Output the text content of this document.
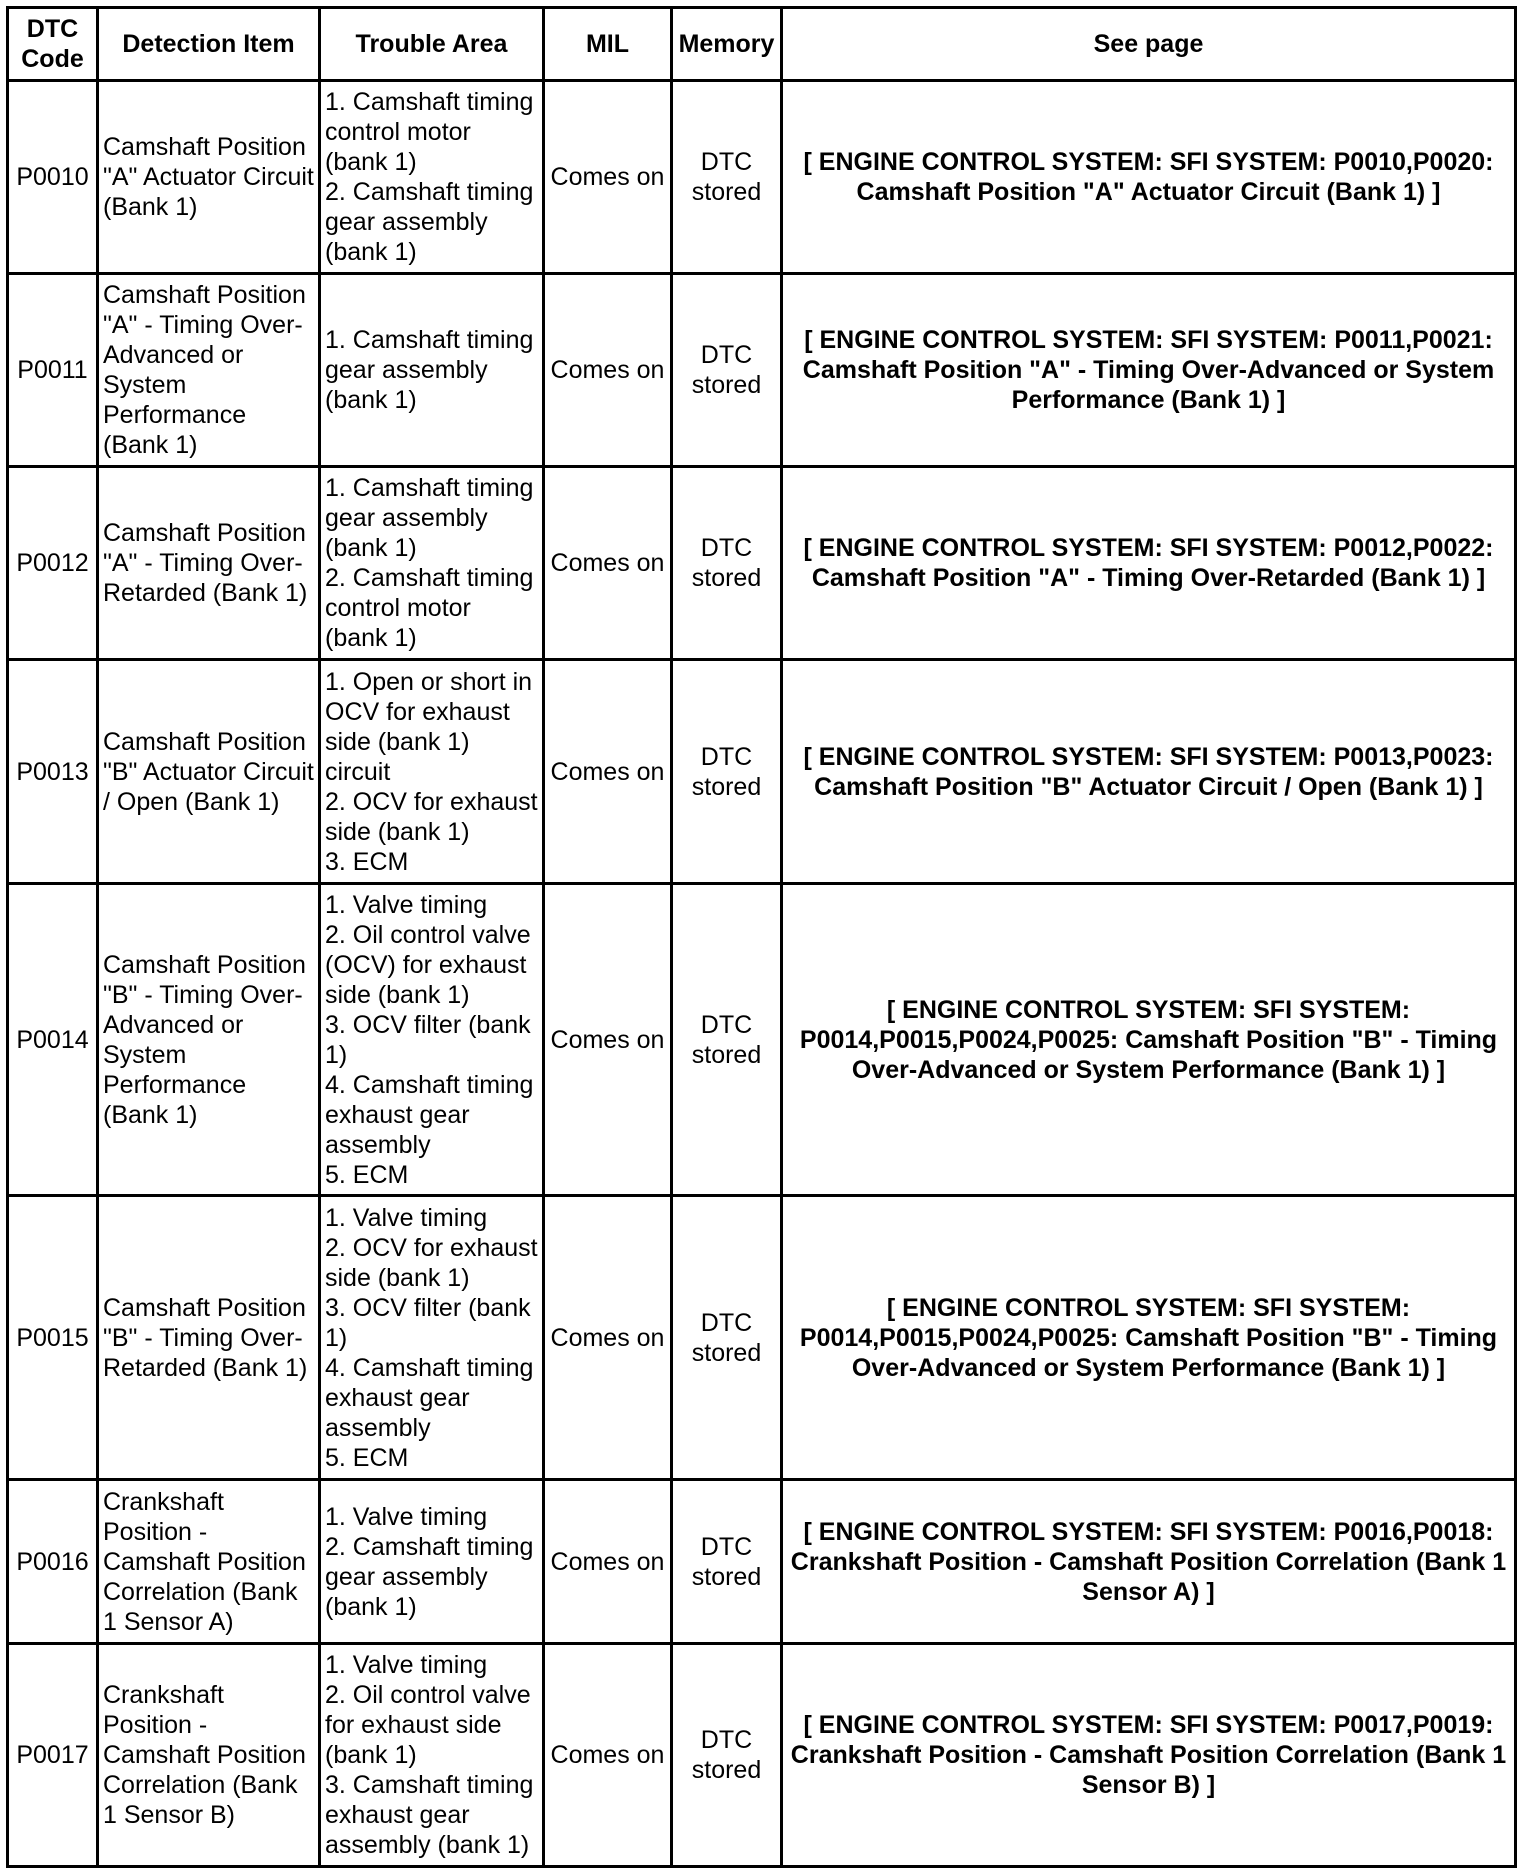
DTC
Code	Detection Item	Trouble Area	MIL	Memory	See page
P0010	Camshaft Position "A" Actuator Circuit (Bank 1)	1. Camshaft timing control motor (bank 1)
2. Camshaft timing gear assembly (bank 1)	Comes on	DTC stored	[ ENGINE CONTROL SYSTEM: SFI SYSTEM: P0010,P0020: Camshaft Position "A" Actuator Circuit (Bank 1) ]
P0011	Camshaft Position "A" - Timing Over-Advanced or System Performance (Bank 1)	1. Camshaft timing gear assembly (bank 1)	Comes on	DTC stored	[ ENGINE CONTROL SYSTEM: SFI SYSTEM: P0011,P0021: Camshaft Position "A" - Timing Over-Advanced or System Performance (Bank 1) ]
P0012	Camshaft Position "A" - Timing Over-Retarded (Bank 1)	1. Camshaft timing gear assembly (bank 1)
2. Camshaft timing control motor (bank 1)	Comes on	DTC stored	[ ENGINE CONTROL SYSTEM: SFI SYSTEM: P0012,P0022: Camshaft Position "A" - Timing Over-Retarded (Bank 1) ]
P0013	Camshaft Position "B" Actuator Circuit / Open (Bank 1)	1. Open or short in OCV for exhaust side (bank 1) circuit
2. OCV for exhaust side (bank 1)
3. ECM	Comes on	DTC stored	[ ENGINE CONTROL SYSTEM: SFI SYSTEM: P0013,P0023: Camshaft Position "B" Actuator Circuit / Open (Bank 1) ]
P0014	Camshaft Position "B" - Timing Over-Advanced or System Performance (Bank 1)	1. Valve timing
2. Oil control valve (OCV) for exhaust side (bank 1)
3. OCV filter (bank 1)
4. Camshaft timing exhaust gear assembly
5. ECM	Comes on	DTC stored	[ ENGINE CONTROL SYSTEM: SFI SYSTEM: P0014,P0015,P0024,P0025: Camshaft Position "B" - Timing Over-Advanced or System Performance (Bank 1) ]
P0015	Camshaft Position "B" - Timing Over-Retarded (Bank 1)	1. Valve timing
2. OCV for exhaust side (bank 1)
3. OCV filter (bank 1)
4. Camshaft timing exhaust gear assembly
5. ECM	Comes on	DTC stored	[ ENGINE CONTROL SYSTEM: SFI SYSTEM: P0014,P0015,P0024,P0025: Camshaft Position "B" - Timing Over-Advanced or System Performance (Bank 1) ]
P0016	Crankshaft Position - Camshaft Position Correlation (Bank 1 Sensor A)	1. Valve timing
2. Camshaft timing gear assembly (bank 1)	Comes on	DTC stored	[ ENGINE CONTROL SYSTEM: SFI SYSTEM: P0016,P0018: Crankshaft Position - Camshaft Position Correlation (Bank 1 Sensor A) ]
P0017	Crankshaft Position - Camshaft Position Correlation (Bank 1 Sensor B)	1. Valve timing
2. Oil control valve for exhaust side (bank 1)
3. Camshaft timing exhaust gear assembly (bank 1)	Comes on	DTC stored	[ ENGINE CONTROL SYSTEM: SFI SYSTEM: P0017,P0019: Crankshaft Position - Camshaft Position Correlation (Bank 1 Sensor B) ]
